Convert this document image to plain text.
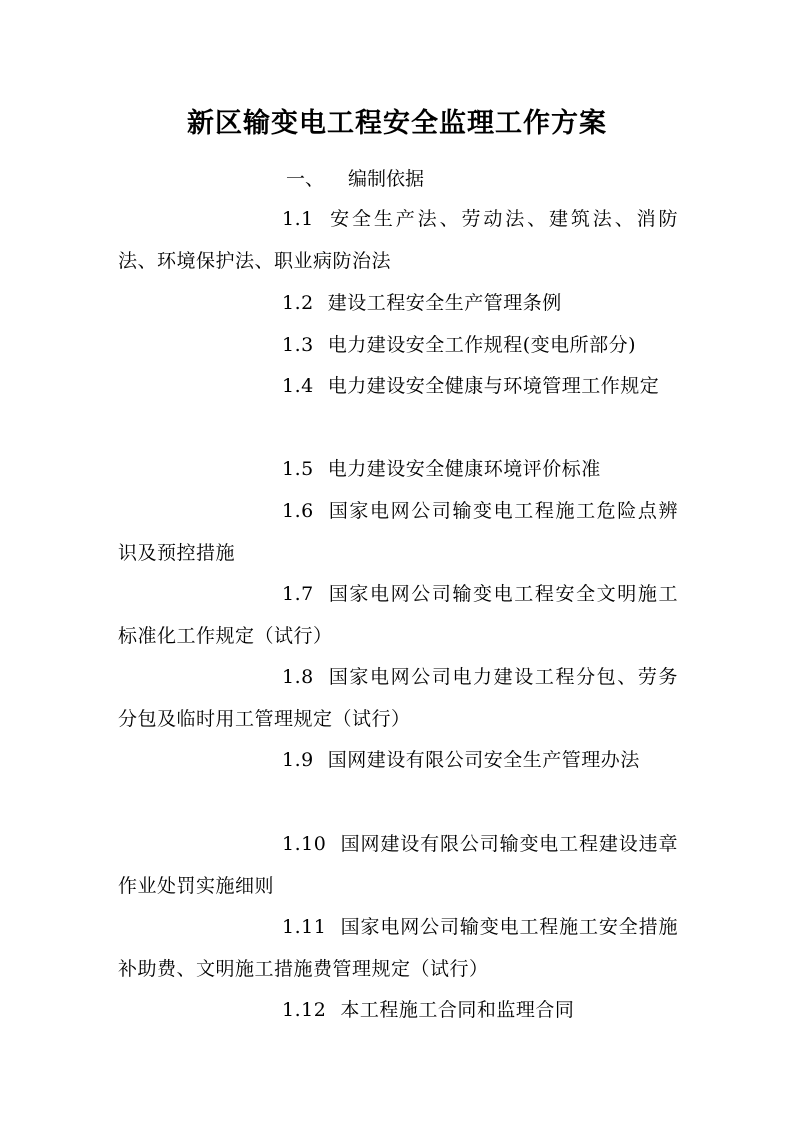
新区输变电工程安全监理工作方案
一、 编制依据
1.1 安全生产法、劳动法、建筑法、消防法、环境保护法、职业病防治法
1.2 建设工程安全生产管理条例
1.3 电力建设安全工作规程(变电所部分)
1.4 电力建设安全健康与环境管理工作规定
1.5 电力建设安全健康环境评价标准
1.6 国家电网公司输变电工程施工危险点辨识及预控措施
1.7 国家电网公司输变电工程安全文明施工标准化工作规定（试行）
1.8 国家电网公司电力建设工程分包、劳务分包及临时用工管理规定（试行）
1.9 国网建设有限公司安全生产管理办法
1.10 国网建设有限公司输变电工程建设违章作业处罚实施细则
1.11 国家电网公司输变电工程施工安全措施补助费、文明施工措施费管理规定（试行）
1.12 本工程施工合同和监理合同
